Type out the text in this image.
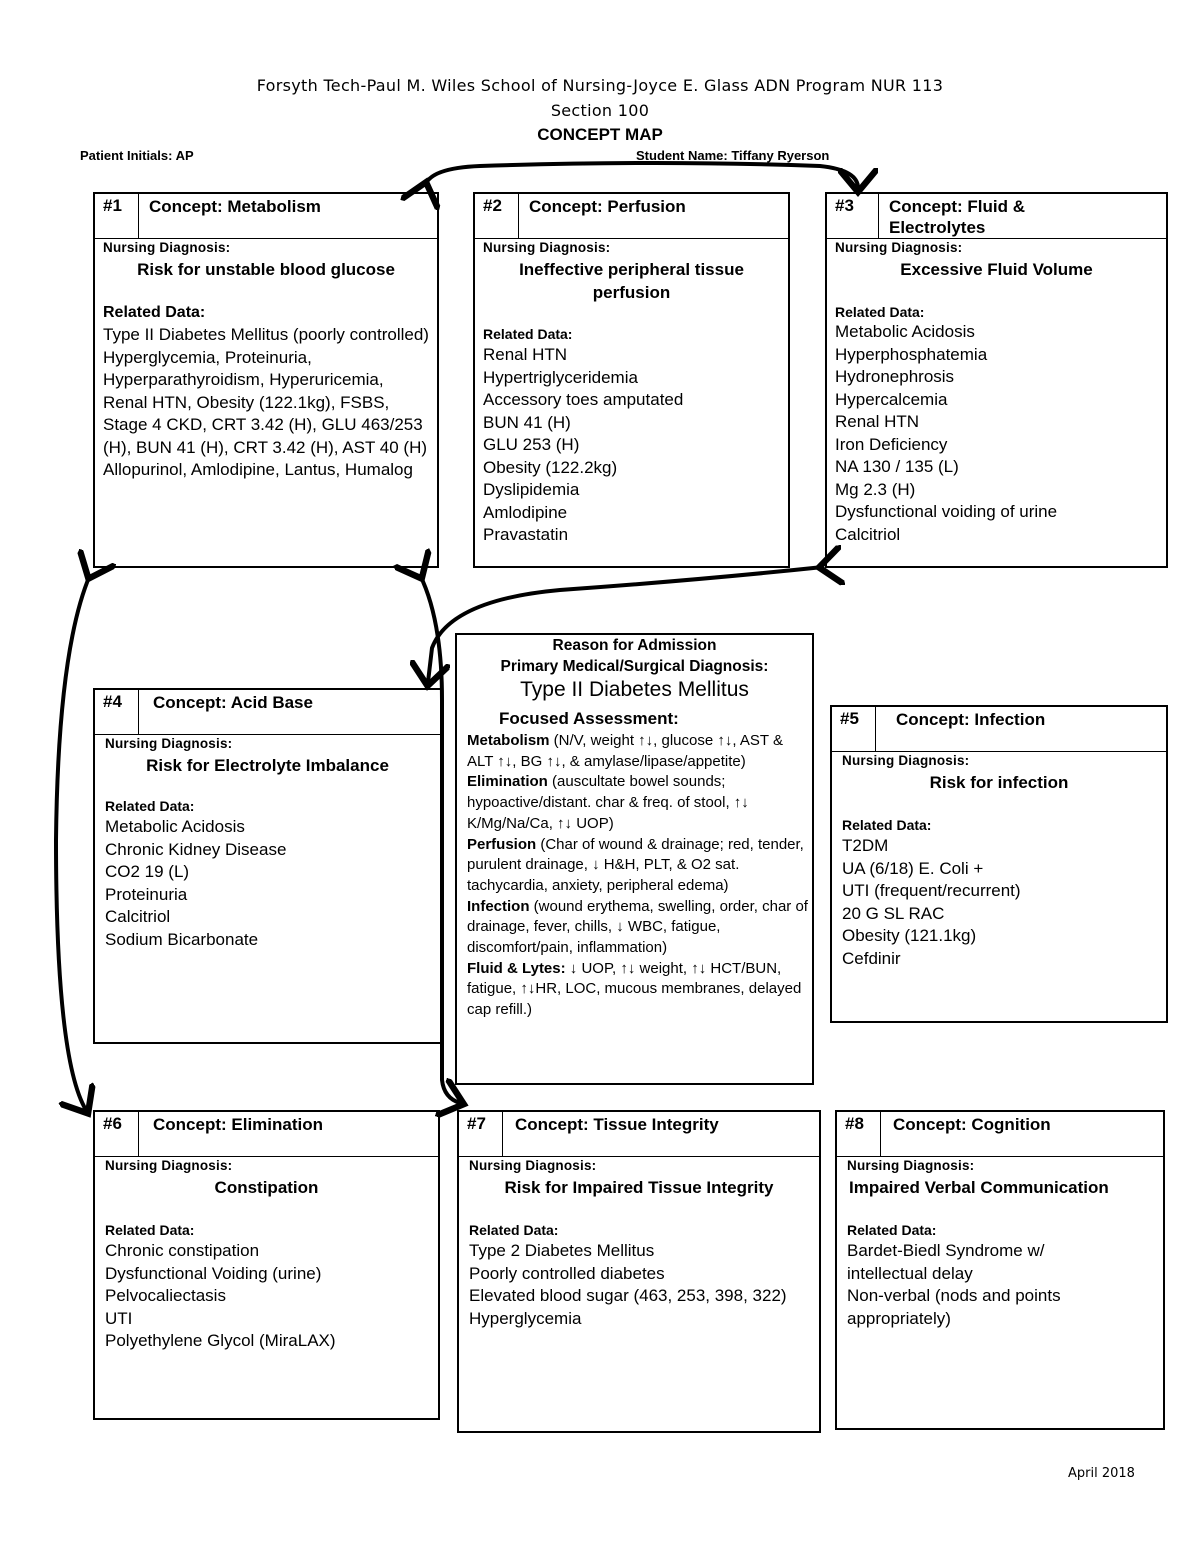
Forsyth Tech-Paul M. Wiles School of Nursing-Joyce E. Glass ADN Program NUR 113
Section 100
CONCEPT MAP
Patient Initials: AP	Student Name: Tiffany Ryerson
#1	Concept: Metabolism
Nursing Diagnosis:
Risk for unstable blood glucose
Related Data:
Type II Diabetes Mellitus (poorly controlled)
Hyperglycemia, Proteinuria, Hyperparathyroidism, Hyperuricemia, Renal HTN, Obesity (122.1kg), FSBS, Stage 4 CKD, CRT 3.42 (H), GLU 463/253 (H), BUN 41 (H), CRT 3.42 (H), AST 40 (H)
Allopurinol, Amlodipine, Lantus, Humalog
#2	Concept: Perfusion
Nursing Diagnosis:
Ineffective peripheral tissue perfusion
Related Data:
Renal HTN
Hypertriglyceridemia
Accessory toes amputated
BUN 41 (H)
GLU 253 (H)
Obesity (122.2kg)
Dyslipidemia
Amlodipine
Pravastatin
#3	Concept: Fluid & Electrolytes
Nursing Diagnosis:
Excessive Fluid Volume
Related Data:
Metabolic Acidosis
Hyperphosphatemia
Hydronephrosis
Hypercalcemia
Renal HTN
Iron Deficiency
NA 130 / 135 (L)
Mg 2.3 (H)
Dysfunctional voiding of urine
Calcitriol
#4	Concept: Acid Base
Nursing Diagnosis:
Risk for Electrolyte Imbalance
Related Data:
Metabolic Acidosis
Chronic Kidney Disease
CO2 19 (L)
Proteinuria
Calcitriol
Sodium Bicarbonate
#5	Concept: Infection
Nursing Diagnosis:
Risk for infection
Related Data:
T2DM
UA (6/18) E. Coli +
UTI (frequent/recurrent)
20 G SL RAC
Obesity (121.1kg)
Cefdinir
#6	Concept: Elimination
Nursing Diagnosis:
Constipation
Related Data:
Chronic constipation
Dysfunctional Voiding (urine)
Pelvocaliectasis
UTI
Polyethylene Glycol (MiraLAX)
#7	Concept: Tissue Integrity
Nursing Diagnosis:
Risk for Impaired Tissue Integrity
Related Data:
Type 2 Diabetes Mellitus
Poorly controlled diabetes
Elevated blood sugar (463, 253, 398, 322)
Hyperglycemia
#8	Concept: Cognition
Nursing Diagnosis:
Impaired Verbal Communication
Related Data:
Bardet-Biedl Syndrome w/ intellectual delay
Non-verbal (nods and points appropriately)
Reason for Admission
Primary Medical/Surgical Diagnosis:
Type II Diabetes Mellitus
Focused Assessment:
Metabolism (N/V, weight ↑↓, glucose ↑↓, AST & ALT ↑↓, BG ↑↓, & amylase/lipase/appetite)
Elimination (auscultate bowel sounds; hypoactive/distant. char & freq. of stool, ↑↓ K/Mg/Na/Ca, ↑↓ UOP)
Perfusion (Char of wound & drainage; red, tender, purulent drainage, ↓ H&H, PLT, & O2 sat. tachycardia, anxiety, peripheral edema)
Infection (wound erythema, swelling, order, char of drainage, fever, chills, ↓ WBC, fatigue, discomfort/pain, inflammation)
Fluid & Lytes: ↓ UOP, ↑↓ weight, ↑↓ HCT/BUN, fatigue, ↑↓HR, LOC, mucous membranes, delayed cap refill.)
April 2018
